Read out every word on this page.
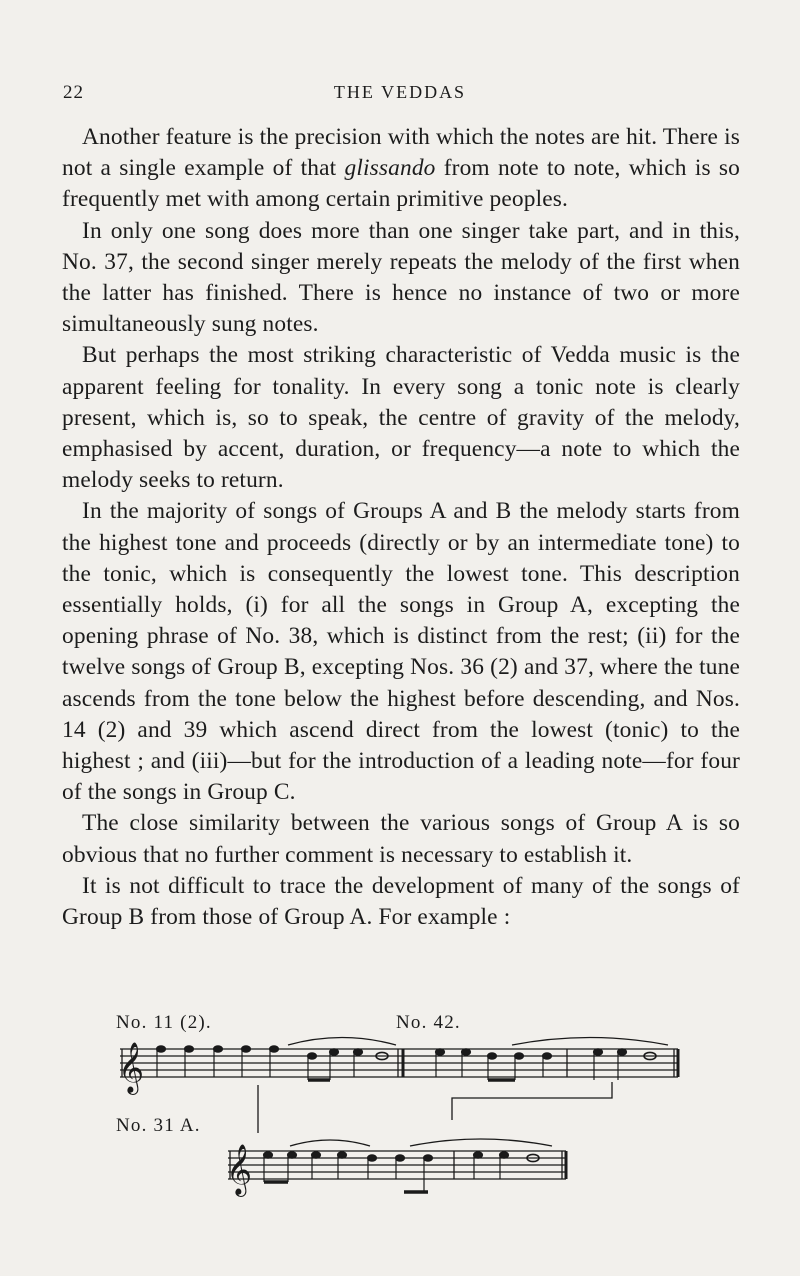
22	THE VEDDAS

Another feature is the precision with which the notes are hit. There is not a single example of that glissando from note to note, which is so frequently met with among certain primitive peoples.

In only one song does more than one singer take part, and in this, No. 37, the second singer merely repeats the melody of the first when the latter has finished. There is hence no instance of two or more simultaneously sung notes.

But perhaps the most striking characteristic of Vedda music is the apparent feeling for tonality. In every song a tonic note is clearly present, which is, so to speak, the centre of gravity of the melody, emphasised by accent, duration, or frequency—a note to which the melody seeks to return.

In the majority of songs of Groups A and B the melody starts from the highest tone and proceeds (directly or by an intermediate tone) to the tonic, which is consequently the lowest tone. This description essentially holds, (i) for all the songs in Group A, excepting the opening phrase of No. 38, which is distinct from the rest; (ii) for the twelve songs of Group B, excepting Nos. 36 (2) and 37, where the tune ascends from the tone below the highest before descending, and Nos. 14 (2) and 39 which ascend direct from the lowest (tonic) to the highest ; and (iii)—but for the introduction of a leading note—for four of the songs in Group C.

The close similarity between the various songs of Group A is so obvious that no further comment is necessary to establish it.

It is not difficult to trace the development of many of the songs of Group B from those of Group A. For example :

No. 11 (2).	No. 42.
No. 31 A.
𝄞
𝄞
